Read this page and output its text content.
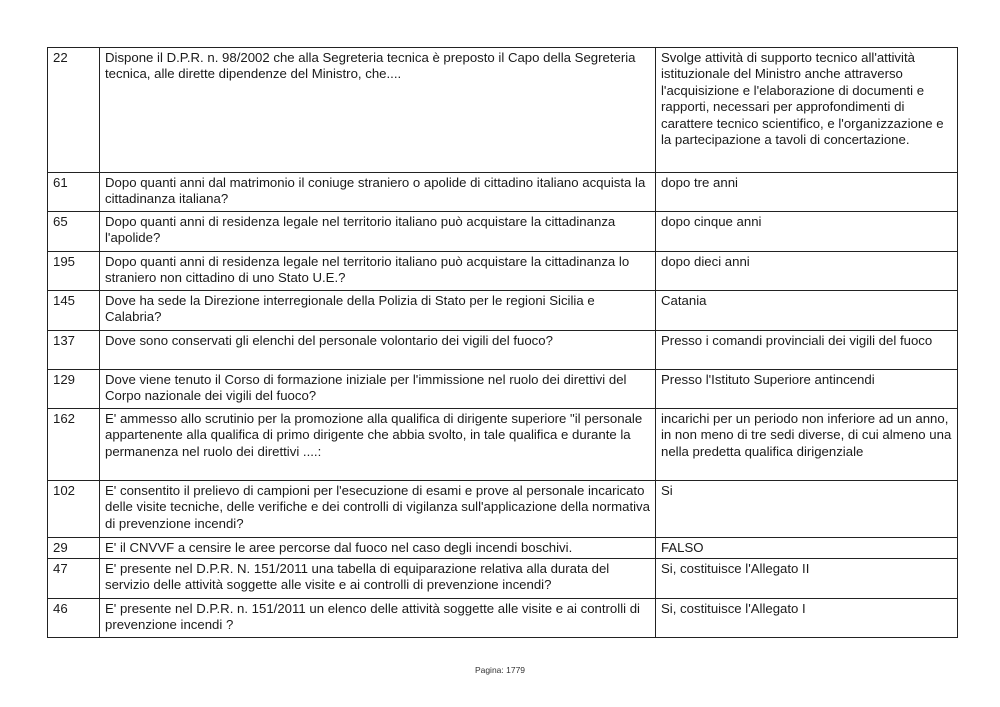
22	Dispone il D.P.R. n. 98/2002 che alla Segreteria tecnica è preposto il Capo della Segreteria tecnica, alle dirette dipendenze del Ministro, che....	Svolge attività di supporto tecnico all'attività istituzionale del Ministro anche attraverso l'acquisizione e l'elaborazione di documenti e rapporti, necessari per approfondimenti di carattere tecnico scientifico, e l'organizzazione e la partecipazione a tavoli di concertazione.
61	Dopo quanti anni dal matrimonio il coniuge straniero o apolide di cittadino italiano acquista la cittadinanza italiana?	dopo tre anni
65	Dopo quanti anni di residenza legale nel territorio italiano può acquistare la cittadinanza l'apolide?	dopo cinque anni
195	Dopo quanti anni di residenza legale nel territorio italiano può acquistare la cittadinanza lo straniero non cittadino di uno Stato U.E.?	dopo dieci anni
145	Dove ha sede la Direzione interregionale della Polizia di Stato per le regioni Sicilia e Calabria?	Catania
137	Dove sono conservati gli elenchi del personale volontario dei vigili del fuoco?	Presso i comandi provinciali dei vigili del fuoco
129	Dove viene tenuto il Corso di formazione iniziale per l'immissione nel ruolo dei direttivi del Corpo nazionale dei vigili del fuoco?	Presso l'Istituto Superiore antincendi
162	E' ammesso allo scrutinio per la promozione alla qualifica di dirigente superiore "il personale appartenente alla qualifica di primo dirigente che abbia svolto, in tale qualifica e durante la permanenza nel ruolo dei direttivi ....:	incarichi per un periodo non inferiore ad un anno, in non meno di tre sedi diverse, di cui almeno una nella predetta qualifica dirigenziale
102	E' consentito il prelievo di campioni per l'esecuzione di esami e prove al personale incaricato delle visite tecniche, delle verifiche e dei controlli di vigilanza sull'applicazione della normativa di prevenzione incendi?	Si
29	E' il CNVVF a censire le aree percorse dal fuoco nel caso degli incendi boschivi.	FALSO
47	E' presente nel D.P.R. N. 151/2011 una tabella di equiparazione relativa alla durata del servizio delle attività soggette alle visite e ai controlli di prevenzione incendi?	Si, costituisce l'Allegato II
46	E' presente nel D.P.R. n. 151/2011 un elenco delle attività soggette alle visite e ai controlli di prevenzione incendi ?	Si, costituisce l'Allegato I
Pagina: 1779
